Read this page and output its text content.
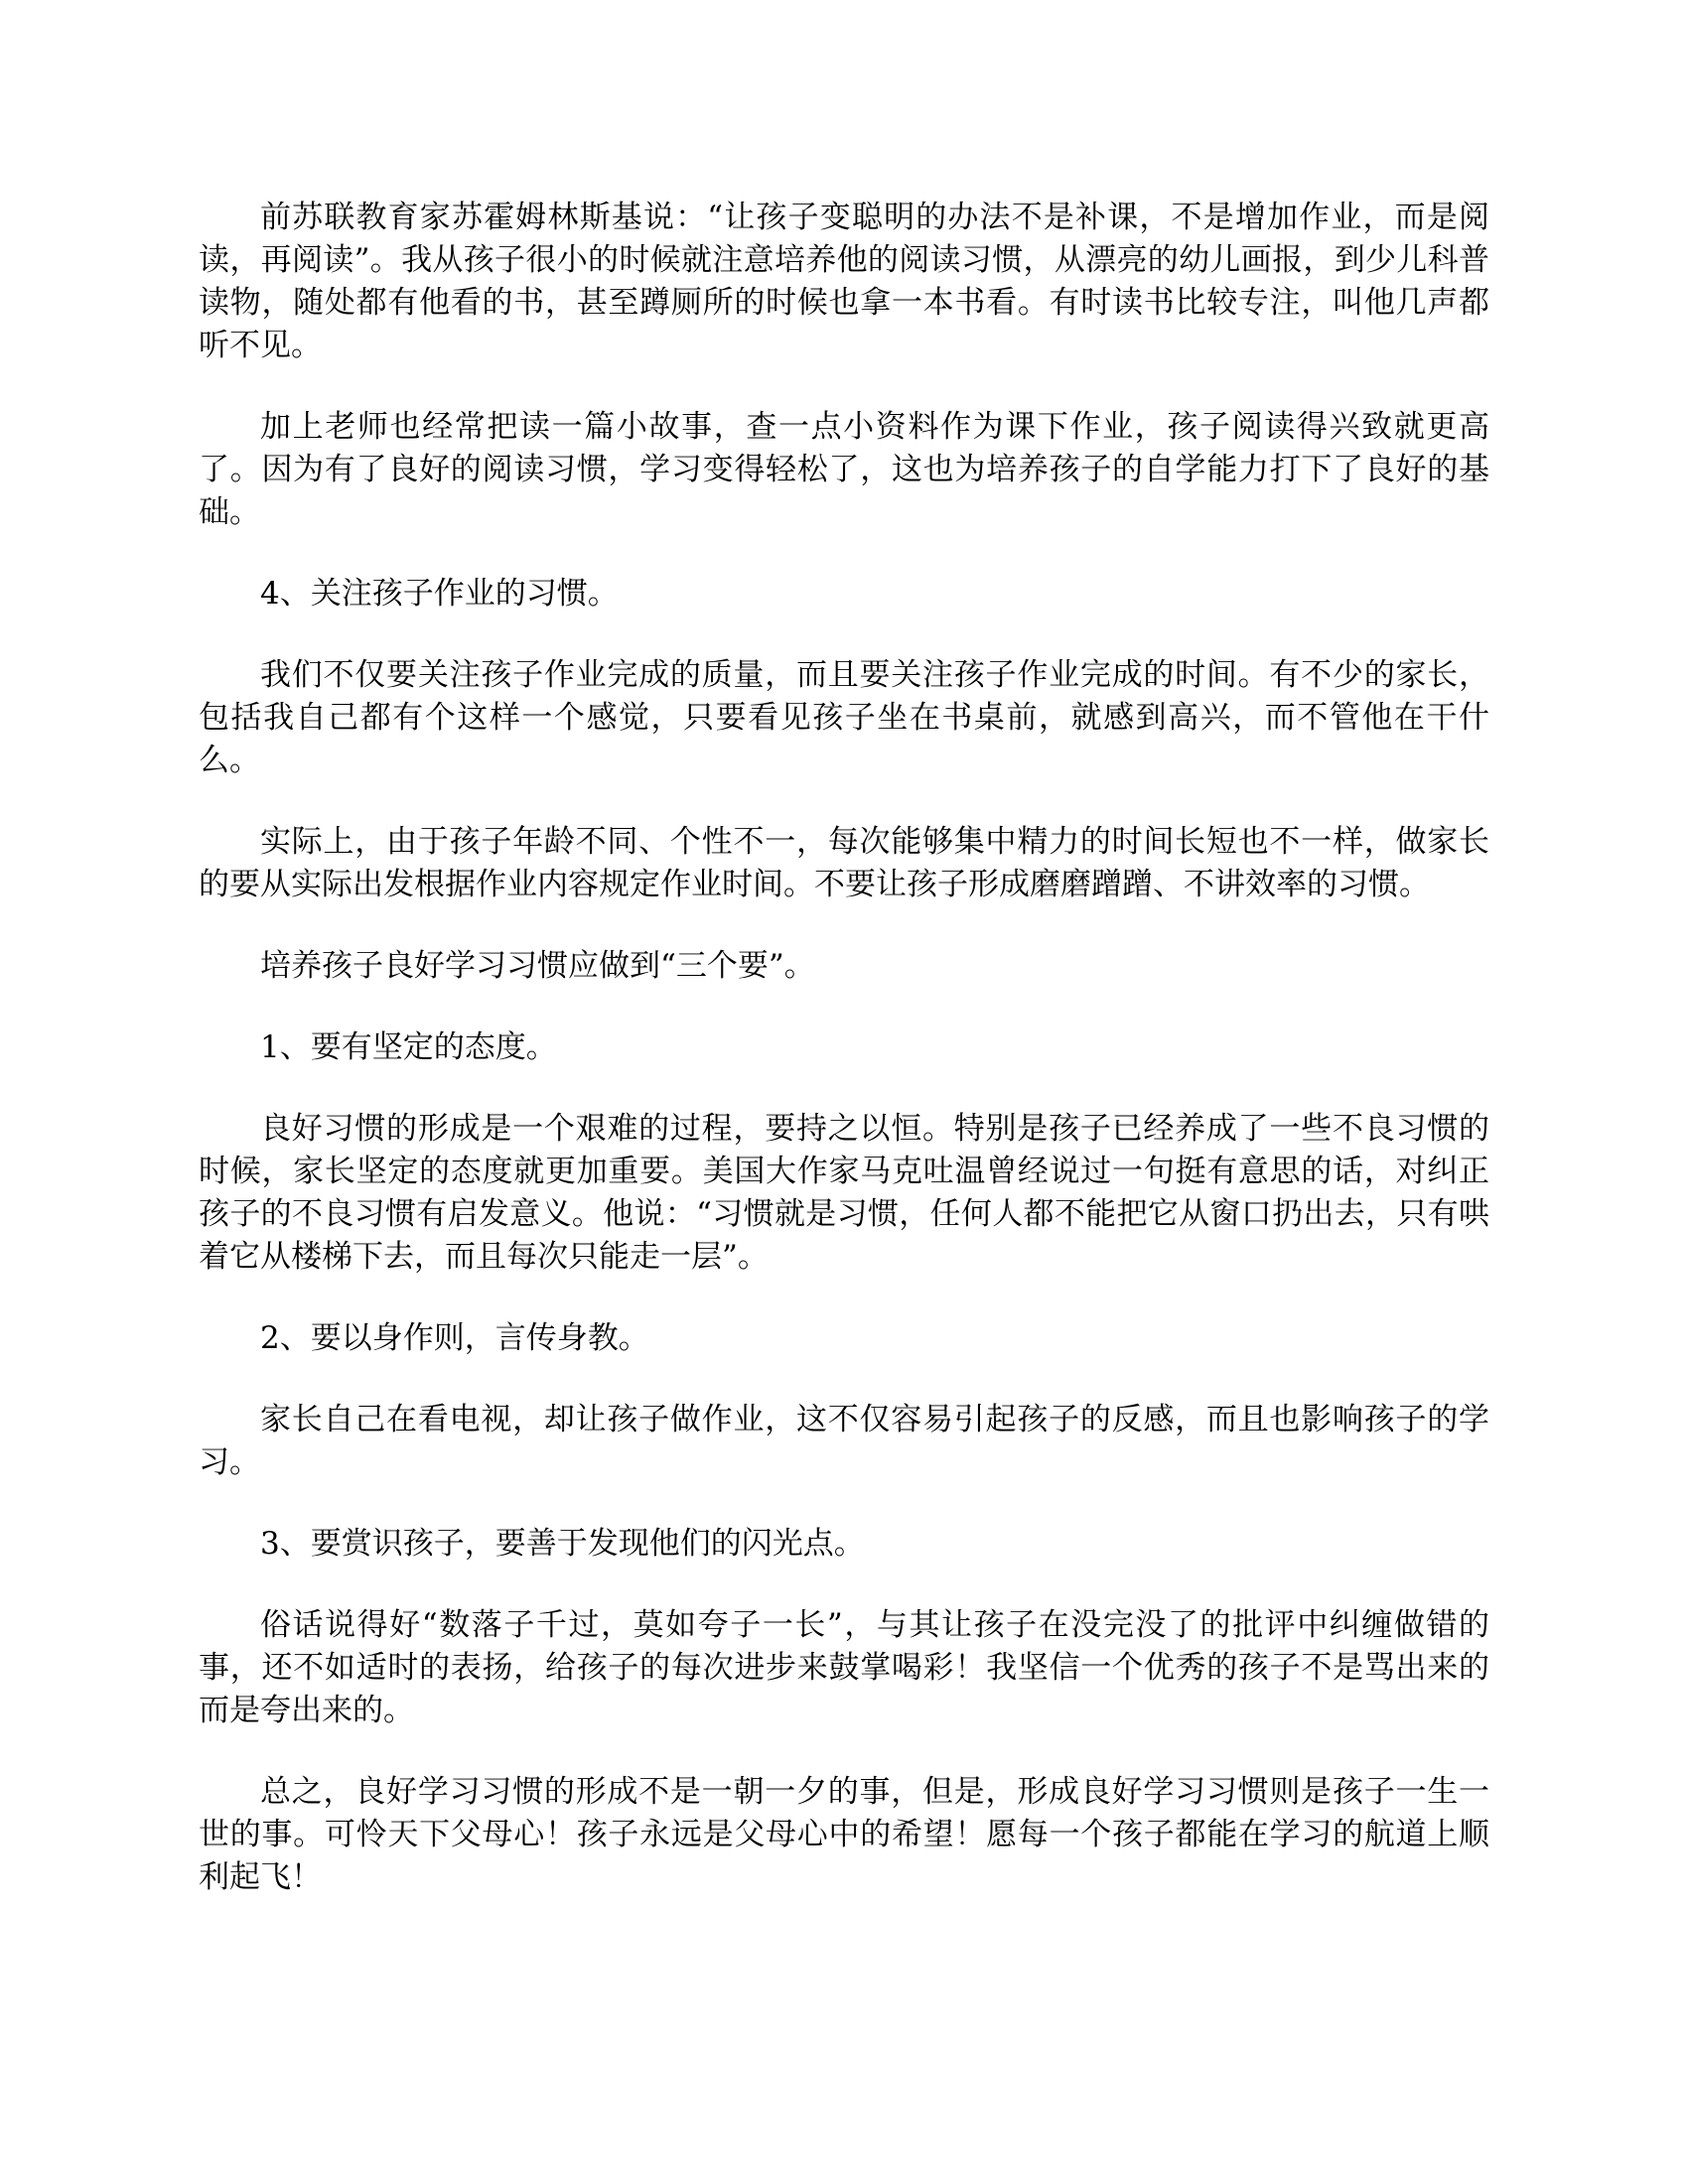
前苏联教育家苏霍姆林斯基说：“让孩子变聪明的办法不是补课，不是增加作业，而是阅读，再阅读”。我从孩子很小的时候就注意培养他的阅读习惯，从漂亮的幼儿画报，到少儿科普读物，随处都有他看的书，甚至蹲厕所的时候也拿一本书看。有时读书比较专注，叫他几声都听不见。

加上老师也经常把读一篇小故事，查一点小资料作为课下作业，孩子阅读得兴致就更高了。因为有了良好的阅读习惯，学习变得轻松了，这也为培养孩子的自学能力打下了良好的基础。

4、关注孩子作业的习惯。

我们不仅要关注孩子作业完成的质量，而且要关注孩子作业完成的时间。有不少的家长，包括我自己都有个这样一个感觉，只要看见孩子坐在书桌前，就感到高兴，而不管他在干什么。

实际上，由于孩子年龄不同、个性不一，每次能够集中精力的时间长短也不一样，做家长的要从实际出发根据作业内容规定作业时间。不要让孩子形成磨磨蹭蹭、不讲效率的习惯。

培养孩子良好学习习惯应做到“三个要”。

1、要有坚定的态度。

良好习惯的形成是一个艰难的过程，要持之以恒。特别是孩子已经养成了一些不良习惯的时候，家长坚定的态度就更加重要。美国大作家马克吐温曾经说过一句挺有意思的话，对纠正孩子的不良习惯有启发意义。他说：“习惯就是习惯，任何人都不能把它从窗口扔出去，只有哄着它从楼梯下去，而且每次只能走一层”。

2、要以身作则，言传身教。

家长自己在看电视，却让孩子做作业，这不仅容易引起孩子的反感，而且也影响孩子的学习。

3、要赏识孩子，要善于发现他们的闪光点。

俗话说得好“数落子千过，莫如夸子一长”，与其让孩子在没完没了的批评中纠缠做错的事，还不如适时的表扬，给孩子的每次进步来鼓掌喝彩！我坚信一个优秀的孩子不是骂出来的而是夸出来的。

总之，良好学习习惯的形成不是一朝一夕的事，但是，形成良好学习习惯则是孩子一生一世的事。可怜天下父母心！孩子永远是父母心中的希望！愿每一个孩子都能在学习的航道上顺利起飞！
